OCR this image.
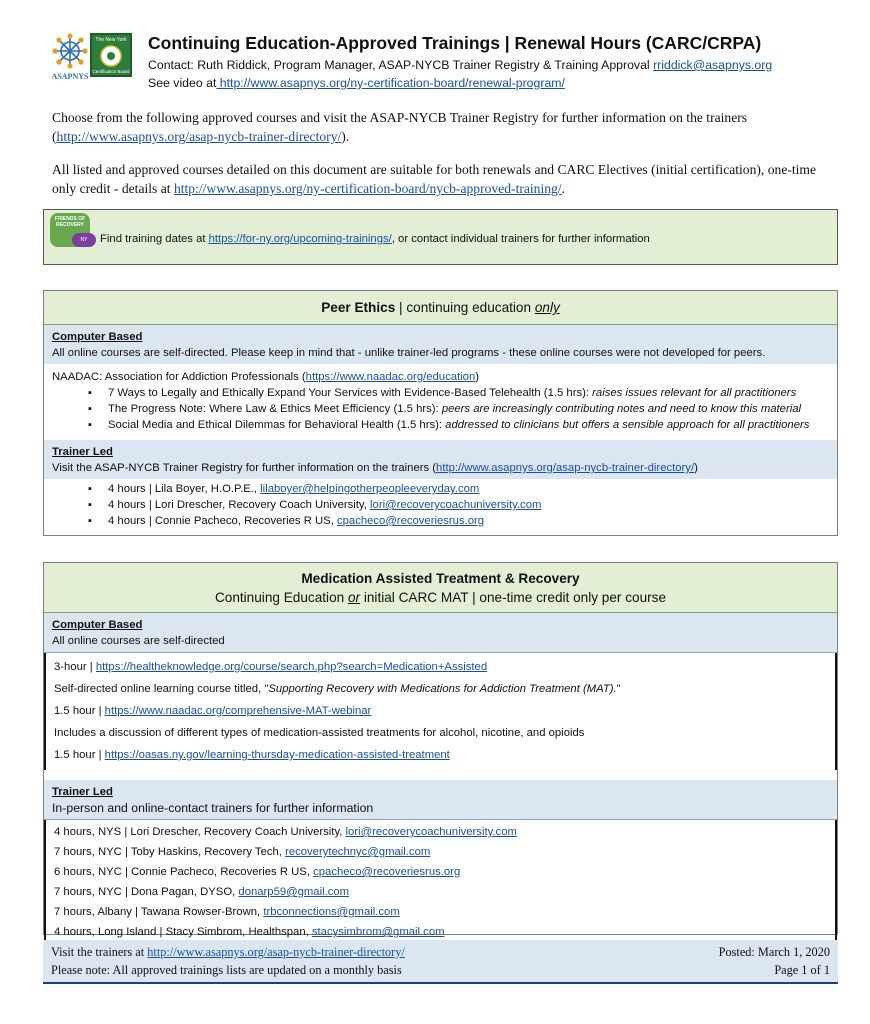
ASAPNYS
The New York
Certification Board
Continuing Education-Approved Trainings | Renewal Hours (CARC/CRPA)
Contact: Ruth Riddick, Program Manager, ASAP-NYCB Trainer Registry & Training Approval rriddick@asapnys.org
See video at http://www.asapnys.org/ny-certification-board/renewal-program/
Choose from the following approved courses and visit the ASAP-NYCB Trainer Registry for further information on the trainers (http://www.asapnys.org/asap-nycb-trainer-directory/).
All listed and approved courses detailed on this document are suitable for both renewals and CARC Electives (initial certification), one-time only credit - details at http://www.asapnys.org/ny-certification-board/nycb-approved-training/.
FRIENDS OF
RECOVERY
NY	Find training dates at https://for-ny.org/upcoming-trainings/, or contact individual trainers for further information
Peer Ethics | continuing education only
Computer Based
All online courses are self-directed. Please keep in mind that - unlike trainer-led programs - these online courses were not developed for peers.
NAADAC: Association for Addiction Professionals (https://www.naadac.org/education)
▪ 7 Ways to Legally and Ethically Expand Your Services with Evidence-Based Telehealth (1.5 hrs): raises issues relevant for all practitioners
▪ The Progress Note: Where Law & Ethics Meet Efficiency (1.5 hrs): peers are increasingly contributing notes and need to know this material
▪ Social Media and Ethical Dilemmas for Behavioral Health (1.5 hrs): addressed to clinicians but offers a sensible approach for all practitioners
Trainer Led
Visit the ASAP-NYCB Trainer Registry for further information on the trainers (http://www.asapnys.org/asap-nycb-trainer-directory/)
▪ 4 hours | Lila Boyer, H.O.P.E., lilaboyer@helpingotherpeopleeveryday.com
▪ 4 hours | Lori Drescher, Recovery Coach University, lori@recoverycoachuniversity.com
▪ 4 hours | Connie Pacheco, Recoveries R US, cpacheco@recoveriesrus.org
Medication Assisted Treatment & Recovery
Continuing Education or initial CARC MAT | one-time credit only per course
Computer Based
All online courses are self-directed
3-hour | https://healtheknowledge.org/course/search.php?search=Medication+Assisted
Self-directed online learning course titled, "Supporting Recovery with Medications for Addiction Treatment (MAT)."
1.5 hour | https://www.naadac.org/comprehensive-MAT-webinar
Includes a discussion of different types of medication-assisted treatments for alcohol, nicotine, and opioids
1.5 hour | https://oasas.ny.gov/learning-thursday-medication-assisted-treatment
Trainer Led
In-person and online-contact trainers for further information
4 hours, NYS | Lori Drescher, Recovery Coach University, lori@recoverycoachuniversity.com
7 hours, NYC | Toby Haskins, Recovery Tech, recoverytechnyc@gmail.com
6 hours, NYC | Connie Pacheco, Recoveries R US, cpacheco@recoveriesrus.org
7 hours, NYC | Dona Pagan, DYSO, donarp59@gmail.com
7 hours, Albany | Tawana Rowser-Brown, trbconnections@gmail.com
4 hours, Long Island | Stacy Simbrom, Healthspan, stacysimbrom@gmail.com
Visit the trainers at http://www.asapnys.org/asap-nycb-trainer-directory/
Please note: All approved trainings lists are updated on a monthly basis
Posted: March 1, 2020
Page 1 of 1
